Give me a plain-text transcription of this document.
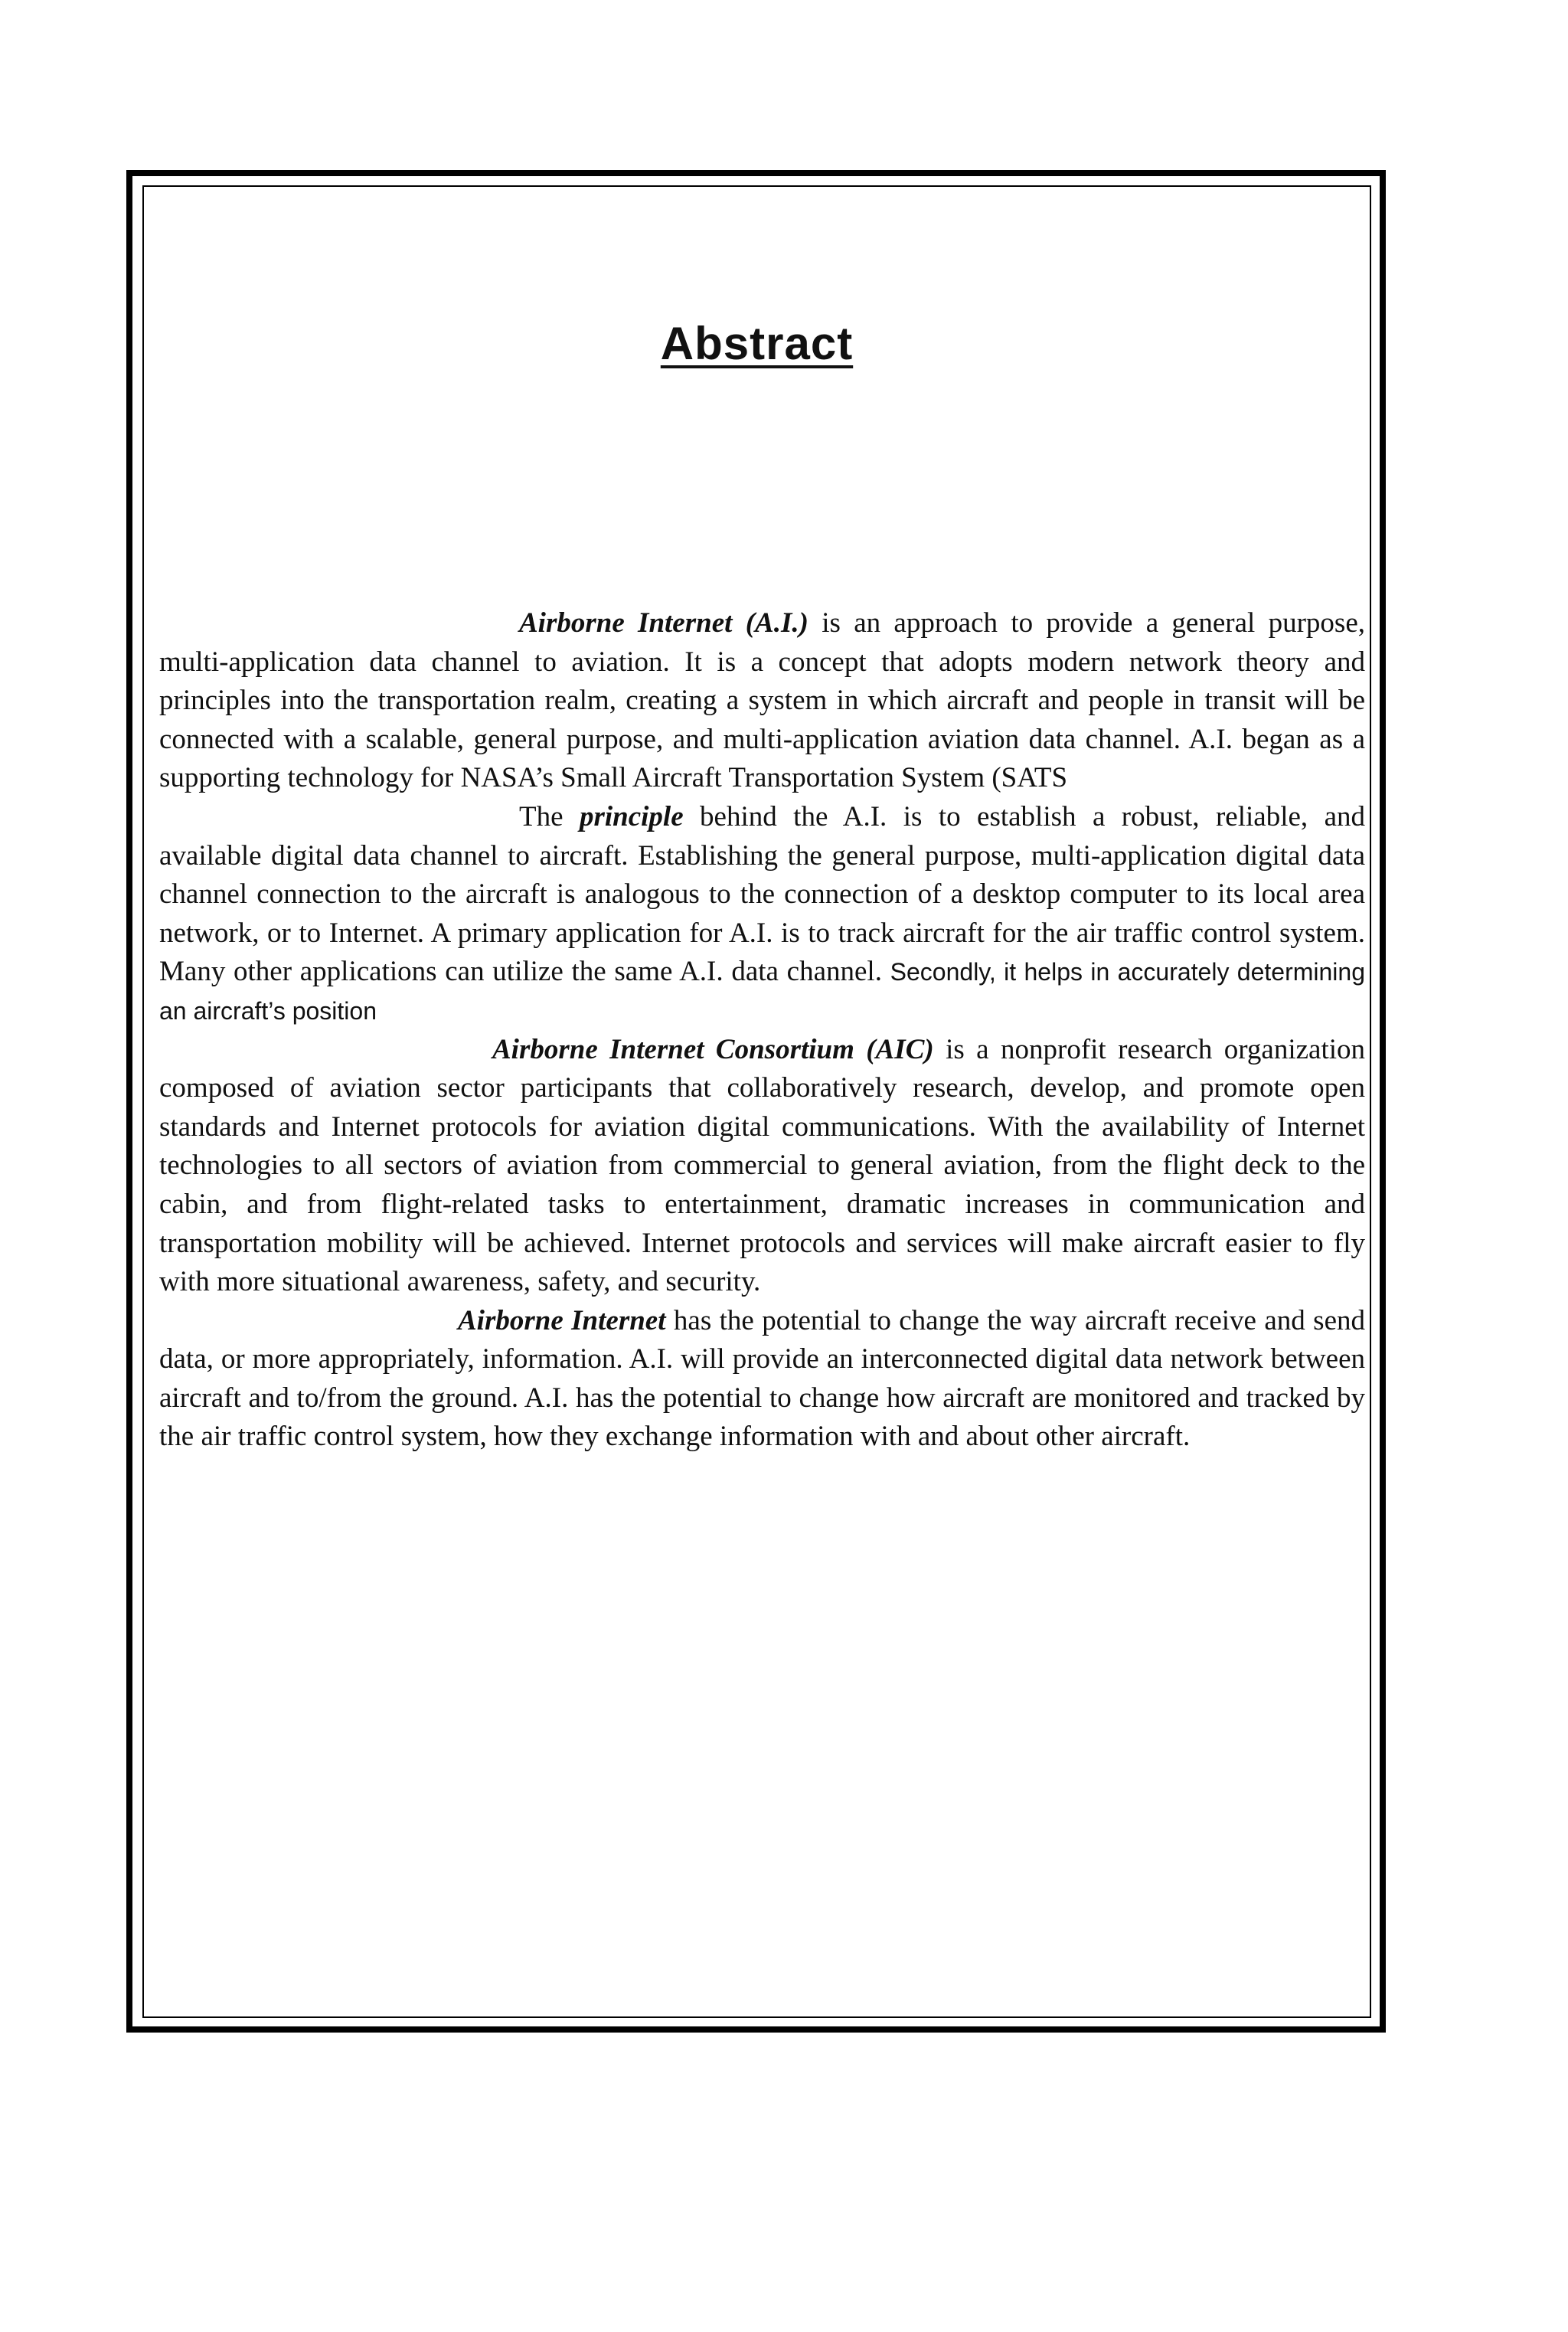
Abstract

Airborne Internet (A.I.) is an approach to provide a general purpose, multi-application data channel to aviation. It is a concept that adopts modern network theory and principles into the transportation realm, creating a system in which aircraft and people in transit will be connected with a scalable, general purpose, and multi-application aviation data channel. A.I. began as a supporting technology for NASA’s Small Aircraft Transportation System (SATS

The principle behind the A.I. is to establish a robust, reliable, and available digital data channel to aircraft. Establishing the general purpose, multi-application digital data channel connection to the aircraft is analogous to the connection of a desktop computer to its local area network, or to Internet. A primary application for A.I. is to track aircraft for the air traffic control system. Many other applications can utilize the same A.I. data channel. Secondly, it helps in accurately determining an aircraft’s position

Airborne Internet Consortium (AIC) is a nonprofit research organization composed of aviation sector participants that collaboratively research, develop, and promote open standards and Internet protocols for aviation digital communications. With the availability of Internet technologies to all sectors of aviation from commercial to general aviation, from the flight deck to the cabin, and from flight-related tasks to entertainment, dramatic increases in communication and transportation mobility will be achieved. Internet protocols and services will make aircraft easier to fly with more situational awareness, safety, and security.

Airborne Internet has the potential to change the way aircraft receive and send data, or more appropriately, information. A.I. will provide an interconnected digital data network between aircraft and to/from the ground. A.I. has the potential to change how aircraft are monitored and tracked by the air traffic control system, how they exchange information with and about other aircraft.
